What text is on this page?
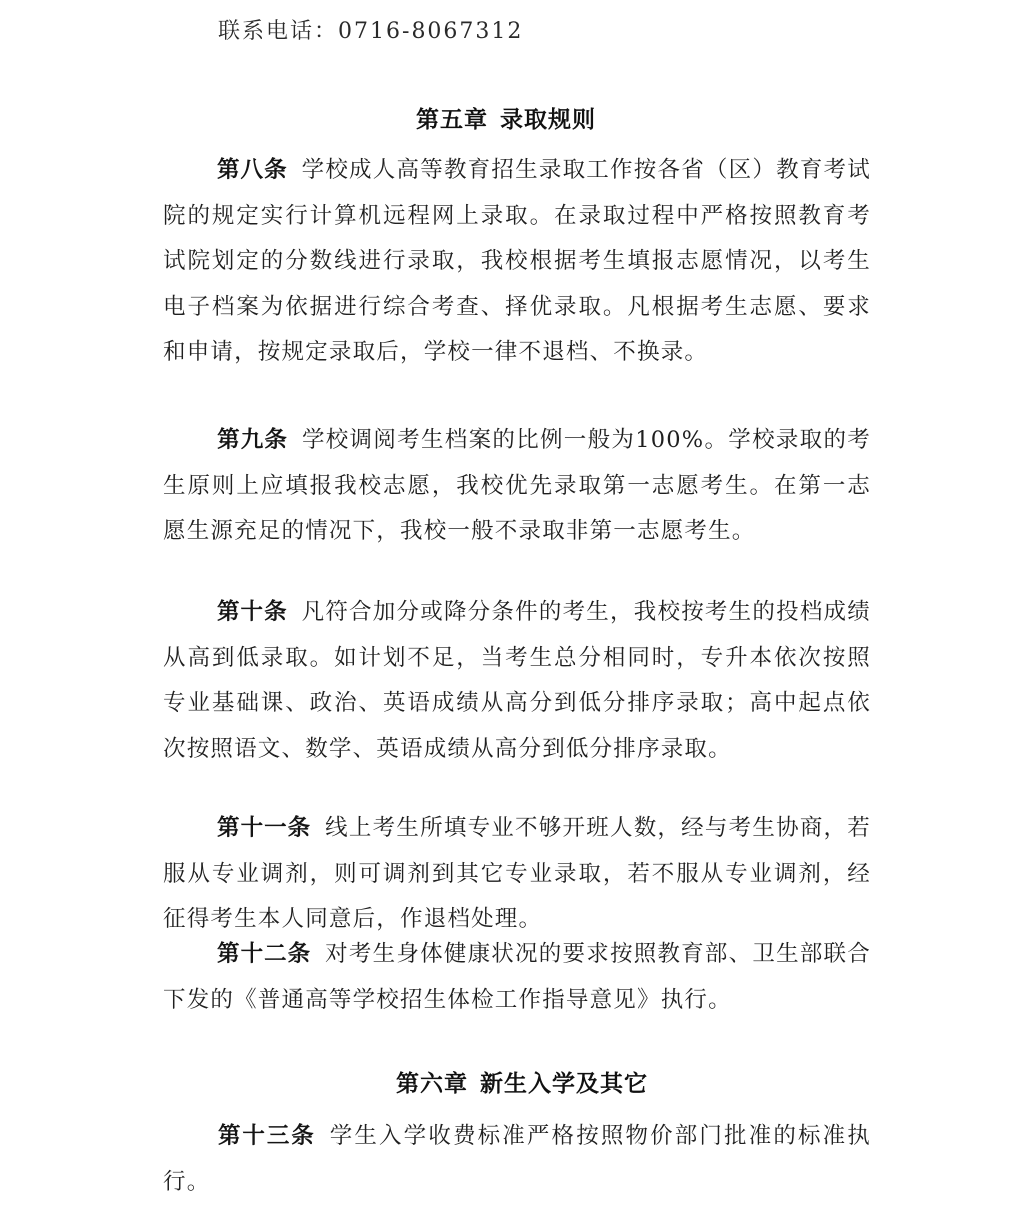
联系电话：0716-8067312
第五章 录取规则
第八条 学校成人高等教育招生录取工作按各省（区）教育考试院的规定实行计算机远程网上录取。在录取过程中严格按照教育考试院划定的分数线进行录取，我校根据考生填报志愿情况，以考生电子档案为依据进行综合考查、择优录取。凡根据考生志愿、要求和申请，按规定录取后，学校一律不退档、不换录。
第九条 学校调阅考生档案的比例一般为100%。学校录取的考生原则上应填报我校志愿，我校优先录取第一志愿考生。在第一志愿生源充足的情况下，我校一般不录取非第一志愿考生。
第十条 凡符合加分或降分条件的考生，我校按考生的投档成绩从高到低录取。如计划不足，当考生总分相同时，专升本依次按照专业基础课、政治、英语成绩从高分到低分排序录取；高中起点依次按照语文、数学、英语成绩从高分到低分排序录取。
第十一条 线上考生所填专业不够开班人数，经与考生协商，若服从专业调剂，则可调剂到其它专业录取，若不服从专业调剂，经征得考生本人同意后，作退档处理。
第十二条 对考生身体健康状况的要求按照教育部、卫生部联合下发的《普通高等学校招生体检工作指导意见》执行。
第六章 新生入学及其它
第十三条 学生入学收费标准严格按照物价部门批准的标准执行。
